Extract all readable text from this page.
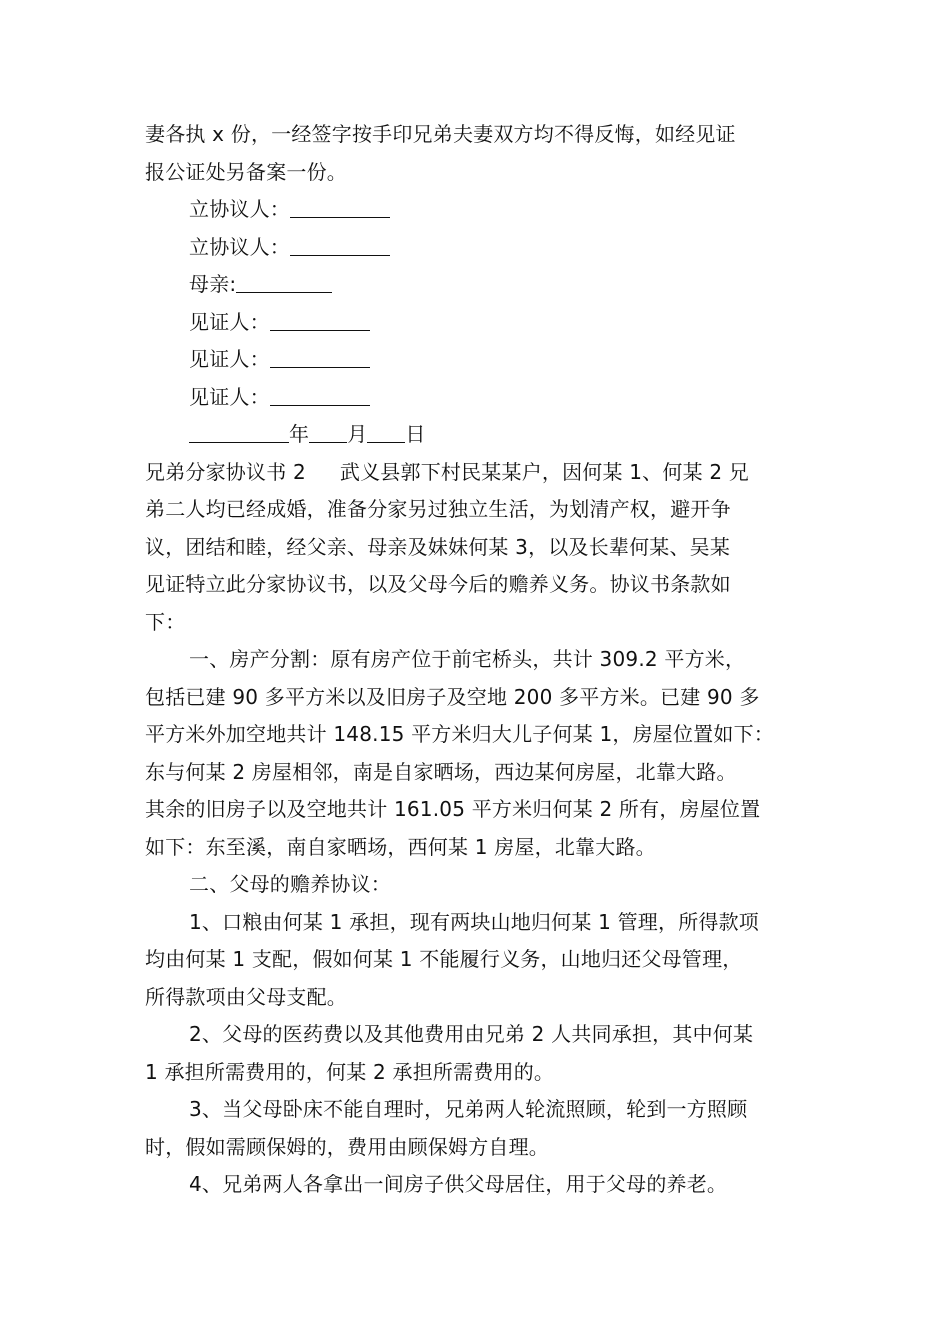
妻各执 x 份，一经签字按手印兄弟夫妻双方均不得反悔，如经见证
报公证处另备案一份。
立协议人：
立协议人：
母亲:
见证人：
见证人：
见证人：
年 月 日
兄弟分家协议书 2 武义县郭下村民某某户，因何某 1、何某 2 兄
弟二人均已经成婚，准备分家另过独立生活，为划清产权，避开争
议，团结和睦，经父亲、母亲及妹妹何某 3，以及长辈何某、吴某
见证特立此分家协议书，以及父母今后的赡养义务。协议书条款如
下：
一、房产分割：原有房产位于前宅桥头，共计 309.2 平方米，
包括已建 90 多平方米以及旧房子及空地 200 多平方米。已建 90 多
平方米外加空地共计 148.15 平方米归大儿子何某 1，房屋位置如下：
东与何某 2 房屋相邻，南是自家晒场，西边某何房屋，北靠大路。
其余的旧房子以及空地共计 161.05 平方米归何某 2 所有，房屋位置
如下：东至溪，南自家晒场，西何某 1 房屋，北靠大路。
二、父母的赡养协议：
1、口粮由何某 1 承担，现有两块山地归何某 1 管理，所得款项
均由何某 1 支配，假如何某 1 不能履行义务，山地归还父母管理，
所得款项由父母支配。
2、父母的医药费以及其他费用由兄弟 2 人共同承担，其中何某
1 承担所需费用的，何某 2 承担所需费用的。
3、当父母卧床不能自理时，兄弟两人轮流照顾，轮到一方照顾
时，假如需顾保姆的，费用由顾保姆方自理。
4、兄弟两人各拿出一间房子供父母居住，用于父母的养老。
